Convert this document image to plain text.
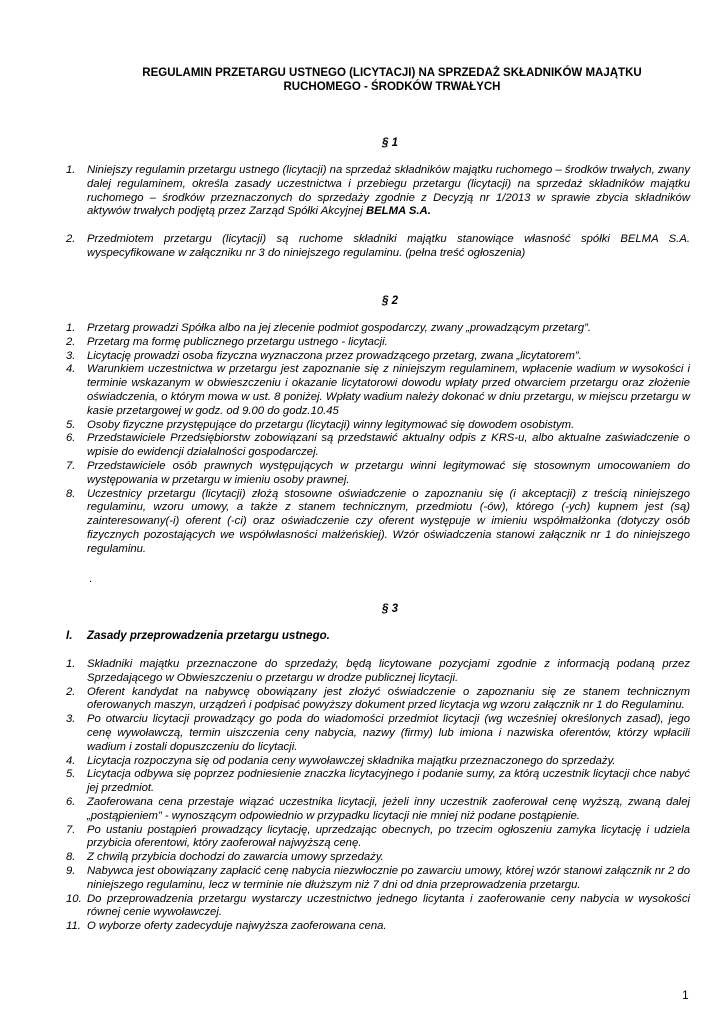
REGULAMIN PRZETARGU USTNEGO (LICYTACJI) NA SPRZEDAŻ SKŁADNIKÓW MAJĄTKU
RUCHOMEGO - ŚRODKÓW TRWAŁYCH
§ 1
1. Niniejszy regulamin przetargu ustnego (licytacji) na sprzedaż składników majątku ruchomego – środków trwałych, zwany dalej regulaminem, określa zasady uczestnictwa i przebiegu przetargu (licytacji) na sprzedaż składników majątku ruchomego – środków przeznaczonych do sprzedaży zgodnie z Decyzją nr 1/2013 w sprawie zbycia składników aktywów trwałych podjętą przez Zarząd Spółki Akcyjnej BELMA S.A.
2. Przedmiotem przetargu (licytacji) są ruchome składniki majątku stanowiące własność spółki BELMA S.A. wyspecyfikowane w załączniku nr 3 do niniejszego regulaminu. (pełna treść ogłoszenia)
§ 2
1. Przetarg prowadzi Spółka albo na jej zlecenie podmiot gospodarczy, zwany „prowadzącym przetarg”.
2. Przetarg ma formę publicznego przetargu ustnego - licytacji.
3. Licytację prowadzi osoba fizyczna wyznaczona przez prowadzącego przetarg, zwana „licytatorem”.
4. Warunkiem uczestnictwa w przetargu jest zapoznanie się z niniejszym regulaminem, wpłacenie wadium w wysokości i terminie wskazanym w obwieszczeniu i okazanie licytatorowi dowodu wpłaty przed otwarciem przetargu oraz złożenie oświadczenia, o którym mowa w ust. 8 poniżej. Wpłaty wadium należy dokonać w dniu przetargu, w miejscu przetargu w kasie przetargowej w godz. od 9.00 do godz.10.45
5. Osoby fizyczne przystępujące do przetargu (licytacji) winny legitymować się dowodem osobistym.
6. Przedstawiciele Przedsiębiorstw zobowiązani są przedstawić aktualny odpis z KRS-u, albo aktualne zaświadczenie o wpisie do ewidencji działalności gospodarczej.
7. Przedstawiciele osób prawnych występujących w przetargu winni legitymować się stosownym umocowaniem do występowania w przetargu w imieniu osoby prawnej.
8. Uczestnicy przetargu (licytacji) złożą stosowne oświadczenie o zapoznaniu się (i akceptacji) z treścią niniejszego regulaminu, wzoru umowy, a także z stanem technicznym, przedmiotu (-ów), którego (-ych) kupnem jest (są) zainteresowany(-i) oferent (-ci) oraz oświadczenie czy oferent występuje w imieniu współmałżonka (dotyczy osób fizycznych pozostających we współwłasności małżeńskiej). Wzór oświadczenia stanowi załącznik nr 1 do niniejszego regulaminu.
.
§ 3
I. Zasady przeprowadzenia przetargu ustnego.
1. Składniki majątku przeznaczone do sprzedaży, będą licytowane pozycjami zgodnie z informacją podaną przez Sprzedającego w Obwieszczeniu o przetargu w drodze publicznej licytacji.
2. Oferent kandydat na nabywcę obowiązany jest złożyć oświadczenie o zapoznaniu się ze stanem technicznym oferowanych maszyn, urządzeń i podpisać powyższy dokument przed licytacja wg wzoru załącznik nr 1 do Regulaminu.
3. Po otwarciu licytacji prowadzący go poda do wiadomości przedmiot licytacji (wg wcześniej określonych zasad), jego cenę wywoławczą, termin uiszczenia ceny nabycia, nazwy (firmy) lub imiona i nazwiska oferentów, którzy wpłacili wadium i zostali dopuszczeniu do licytacji.
4. Licytacja rozpoczyna się od podania ceny wywoławczej składnika majątku przeznaczonego do sprzedaży.
5. Licytacja odbywa się poprzez podniesienie znaczka licytacyjnego i podanie sumy, za którą uczestnik licytacji chce nabyć jej przedmiot.
6. Zaoferowana cena przestaje wiązać uczestnika licytacji, jeżeli inny uczestnik zaoferował cenę wyższą, zwaną dalej „postąpieniem” - wynoszącym odpowiednio w przypadku licytacji nie mniej niż podane postąpienie.
7. Po ustaniu postąpień prowadzący licytację, uprzedzając obecnych, po trzecim ogłoszeniu zamyka licytację i udziela przybicia oferentowi, który zaoferował najwyższą cenę.
8. Z chwilą przybicia dochodzi do zawarcia umowy sprzedaży.
9. Nabywca jest obowiązany zapłacić cenę nabycia niezwłocznie po zawarciu umowy, której wzór stanowi załącznik nr 2 do niniejszego regulaminu, lecz w terminie nie dłuższym niż 7 dni od dnia przeprowadzenia przetargu.
10. Do przeprowadzenia przetargu wystarczy uczestnictwo jednego licytanta i zaoferowanie ceny nabycia w wysokości równej cenie wywoławczej.
11. O wyborze oferty zadecyduje najwyższa zaoferowana cena.
1
